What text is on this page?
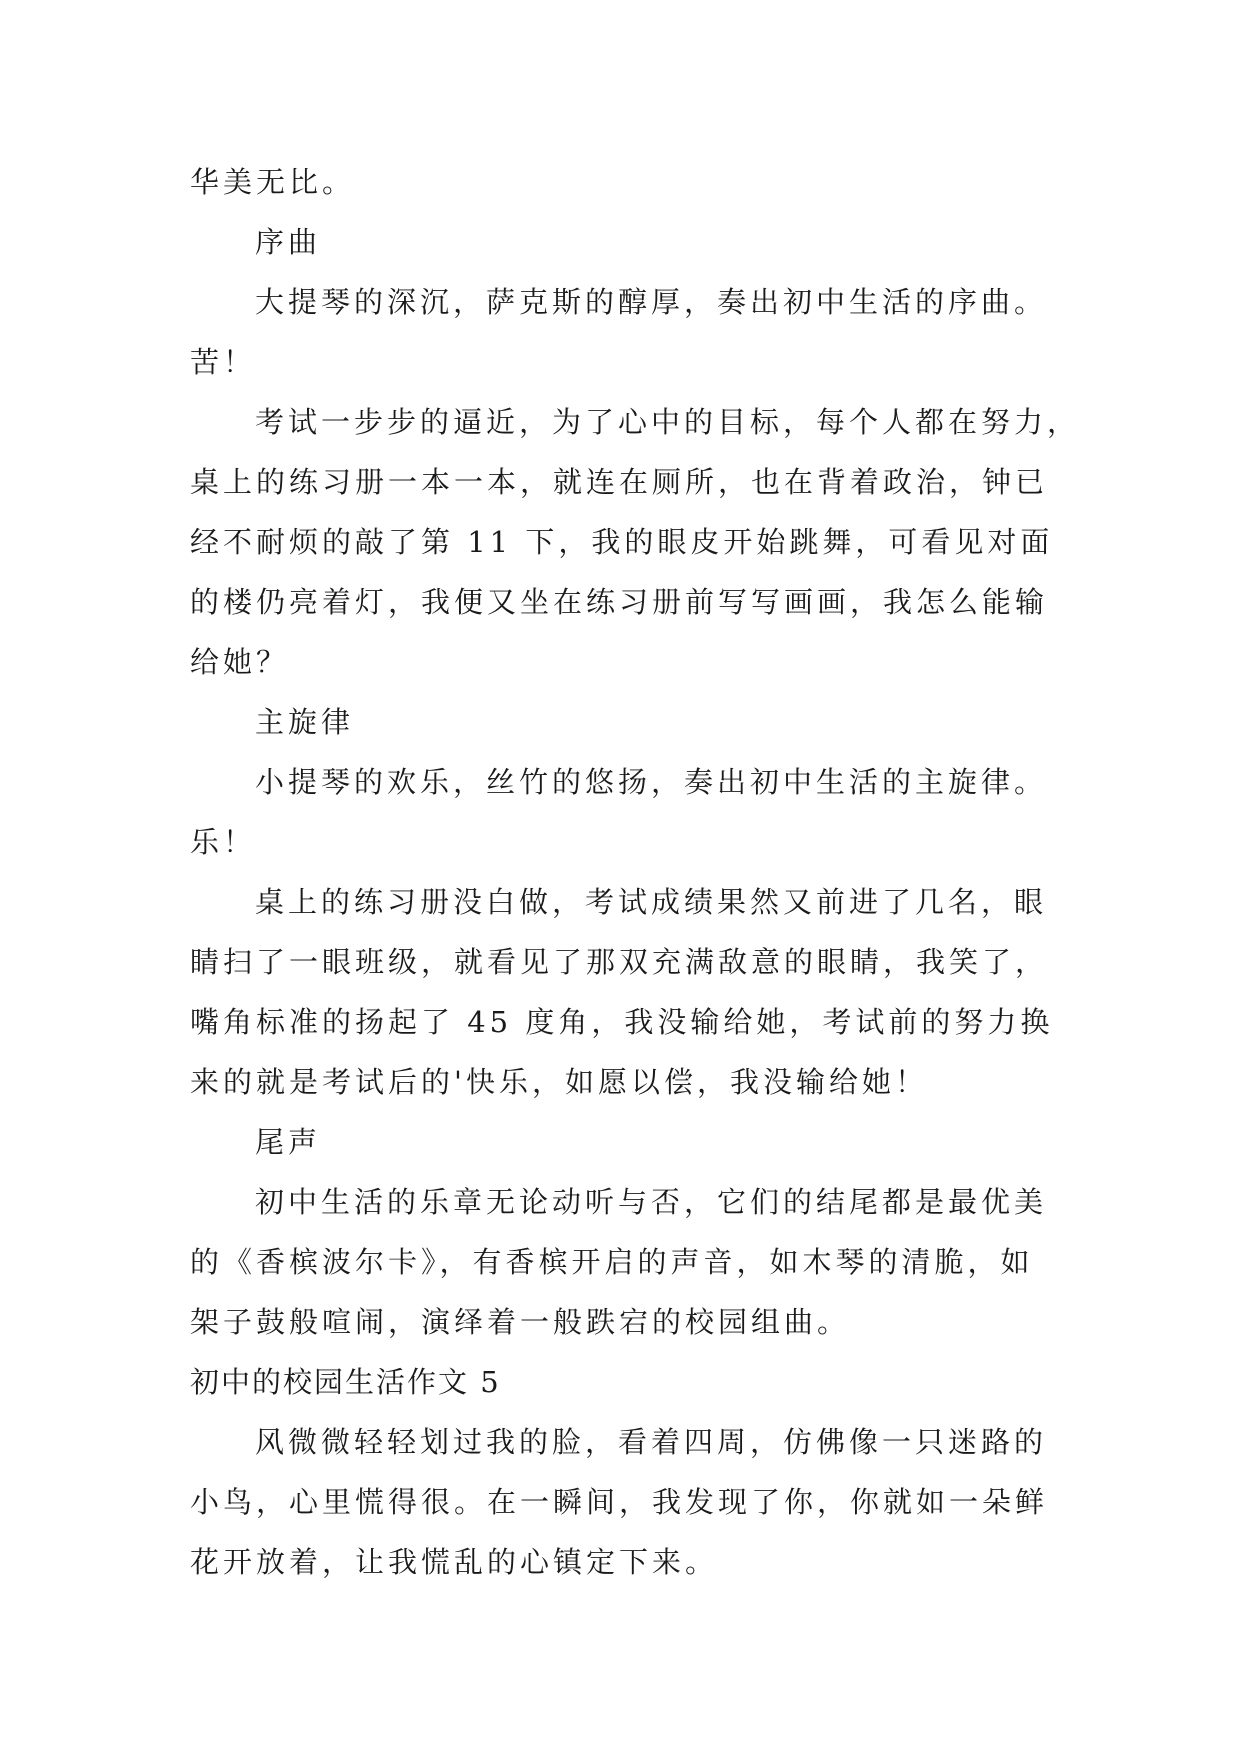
华美无比。
序曲
大提琴的深沉，萨克斯的醇厚，奏出初中生活的序曲。
苦！
考试一步步的逼近，为了心中的目标，每个人都在努力，
桌上的练习册一本一本，就连在厕所，也在背着政治，钟已
经不耐烦的敲了第 11 下，我的眼皮开始跳舞，可看见对面
的楼仍亮着灯，我便又坐在练习册前写写画画，我怎么能输
给她？
主旋律
小提琴的欢乐，丝竹的悠扬，奏出初中生活的主旋律。
乐！
桌上的练习册没白做，考试成绩果然又前进了几名，眼
睛扫了一眼班级，就看见了那双充满敌意的眼睛，我笑了，
嘴角标准的扬起了 45 度角，我没输给她，考试前的努力换
来的就是考试后的'快乐，如愿以偿，我没输给她！
尾声
初中生活的乐章无论动听与否，它们的结尾都是最优美
的《香槟波尔卡》，有香槟开启的声音，如木琴的清脆，如
架子鼓般喧闹，演绎着一般跌宕的校园组曲。
初中的校园生活作文 5
风微微轻轻划过我的脸，看着四周，仿佛像一只迷路的
小鸟，心里慌得很。在一瞬间，我发现了你，你就如一朵鲜
花开放着，让我慌乱的心镇定下来。
